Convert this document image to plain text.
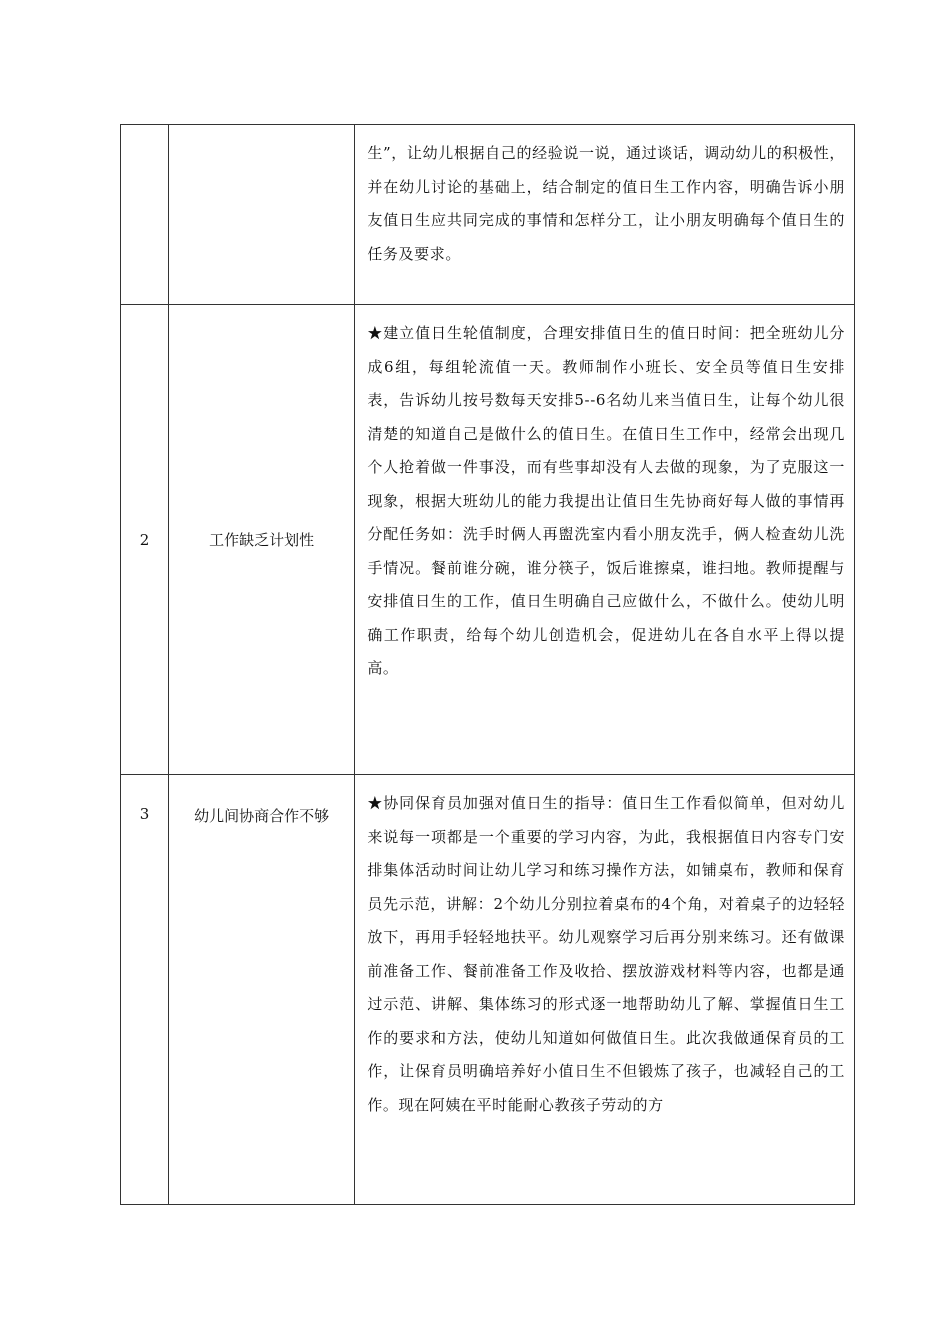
		生”，让幼儿根据自己的经验说一说，通过谈话，调动幼儿的积极性，并在幼儿讨论的基础上，结合制定的值日生工作内容，明确告诉小朋友值日生应共同完成的事情和怎样分工，让小朋友明确每个值日生的任务及要求。

2	工作缺乏计划性	★建立值日生轮值制度，合理安排值日生的值日时间：把全班幼儿分成6组，每组轮流值一天。教师制作小班长、安全员等值日生安排表，告诉幼儿按号数每天安排5--6名幼儿来当值日生，让每个幼儿很清楚的知道自己是做什么的值日生。在值日生工作中，经常会出现几个人抢着做一件事没，而有些事却没有人去做的现象，为了克服这一现象，根据大班幼儿的能力我提出让值日生先协商好每人做的事情再分配任务如：洗手时俩人再盥洗室内看小朋友洗手，俩人检查幼儿洗手情况。餐前谁分碗，谁分筷子，饭后谁擦桌，谁扫地。教师提醒与安排值日生的工作，值日生明确自己应做什么，不做什么。使幼儿明确工作职责，给每个幼儿创造机会，促进幼儿在各自水平上得以提高。

3	幼儿间协商合作不够	★协同保育员加强对值日生的指导：值日生工作看似简单，但对幼儿来说每一项都是一个重要的学习内容，为此，我根据值日内容专门安排集体活动时间让幼儿学习和练习操作方法，如铺桌布，教师和保育员先示范，讲解：2个幼儿分别拉着桌布的4个角，对着桌子的边轻轻放下，再用手轻轻地扶平。幼儿观察学习后再分别来练习。还有做课前准备工作、餐前准备工作及收拾、摆放游戏材料等内容，也都是通过示范、讲解、集体练习的形式逐一地帮助幼儿了解、掌握值日生工作的要求和方法，使幼儿知道如何做值日生。此次我做通保育员的工作，让保育员明确培养好小值日生不但锻炼了孩子，也减轻自己的工作。现在阿姨在平时能耐心教孩子劳动的方
